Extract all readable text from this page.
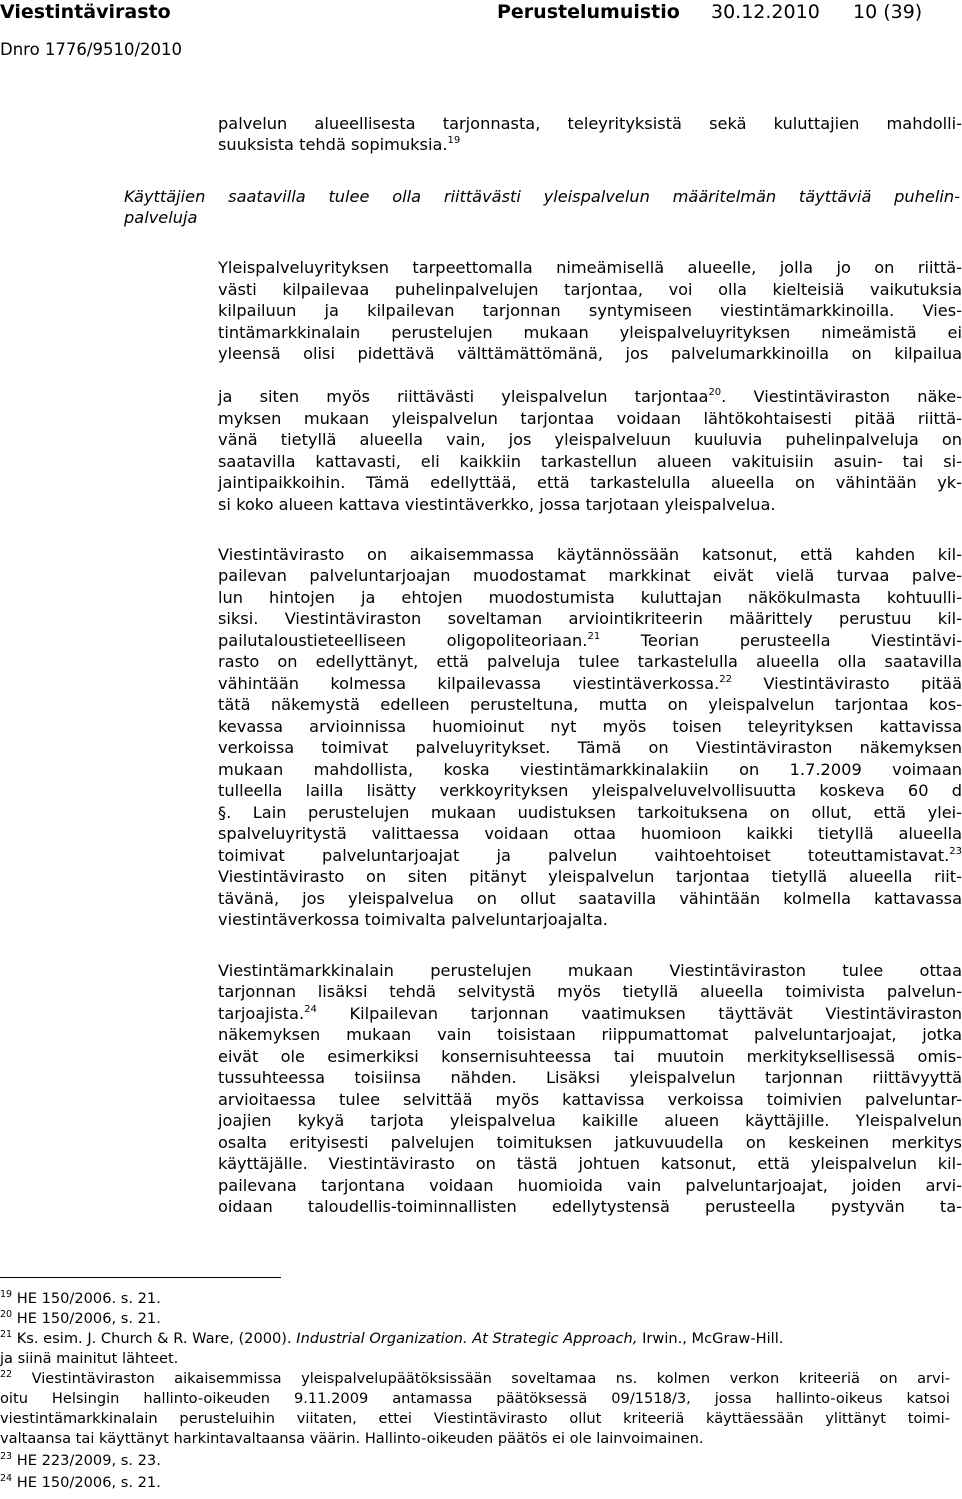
Viestintävirasto	Perustelumuistio 30.12.2010 10 (39)
Dnro 1776/9510/2010
palvelun alueellisesta tarjonnasta, teleyrityksistä sekä kuluttajien mahdolli-
suuksista tehdä sopimuksia.$^{19}$
Käyttäjien saatavilla tulee olla riittävästi yleispalvelun määritelmän täyttäviä puhelin-
palveluja
Yleispalveluyrityksen tarpeettomalla nimeämisellä alueelle, jolla jo on riittä-
västi kilpailevaa puhelinpalvelujen tarjontaa, voi olla kielteisiä vaikutuksia
kilpailuun ja kilpailevan tarjonnan syntymiseen viestintämarkkinoilla. Vies-
tintämarkkinalain perustelujen mukaan yleispalveluyrityksen nimeämistä ei
yleensä olisi pidettävä välttämättömänä, jos palvelumarkkinoilla on kilpailua
ja siten myös riittävästi yleispalvelun tarjontaa$^{20}$. Viestintäviraston näke-
myksen mukaan yleispalvelun tarjontaa voidaan lähtökohtaisesti pitää riittä-
vänä tietyllä alueella vain, jos yleispalveluun kuuluvia puhelinpalveluja on
saatavilla kattavasti, eli kaikkiin tarkastellun alueen vakituisiin asuin- tai si-
jaintipaikkoihin. Tämä edellyttää, että tarkastelulla alueella on vähintään yk-
si koko alueen kattava viestintäverkko, jossa tarjotaan yleispalvelua.
Viestintävirasto on aikaisemmassa käytännössään katsonut, että kahden kil-
pailevan palveluntarjoajan muodostamat markkinat eivät vielä turvaa palve-
lun hintojen ja ehtojen muodostumista kuluttajan näkökulmasta kohtuulli-
siksi. Viestintäviraston soveltaman arviointikriteerin määrittely perustuu kil-
pailutaloustieteelliseen oligopoliteoriaan.$^{21}$ Teorian perusteella Viestintävi-
rasto on edellyttänyt, että palveluja tulee tarkastelulla alueella olla saatavilla
vähintään kolmessa kilpailevassa viestintäverkossa.$^{22}$ Viestintävirasto pitää
tätä näkemystä edelleen perusteltuna, mutta on yleispalvelun tarjontaa kos-
kevassa arvioinnissa huomioinut nyt myös toisen teleyrityksen kattavissa
verkoissa toimivat palveluyritykset. Tämä on Viestintäviraston näkemyksen
mukaan mahdollista, koska viestintämarkkinalakiin on 1.7.2009 voimaan
tulleella lailla lisätty verkkoyrityksen yleispalveluvelvollisuutta koskeva 60 d
§. Lain perustelujen mukaan uudistuksen tarkoituksena on ollut, että ylei-
spalveluyritystä valittaessa voidaan ottaa huomioon kaikki tietyllä alueella
toimivat palveluntarjoajat ja palvelun vaihtoehtoiset toteuttamistavat.$^{23}$
Viestintävirasto on siten pitänyt yleispalvelun tarjontaa tietyllä alueella riit-
tävänä, jos yleispalvelua on ollut saatavilla vähintään kolmella kattavassa
viestintäverkossa toimivalta palveluntarjoajalta.
Viestintämarkkinalain perustelujen mukaan Viestintäviraston tulee ottaa
tarjonnan lisäksi tehdä selvitystä myös tietyllä alueella toimivista palvelun-
tarjoajista.$^{24}$ Kilpailevan tarjonnan vaatimuksen täyttävät Viestintäviraston
näkemyksen mukaan vain toisistaan riippumattomat palveluntarjoajat, jotka
eivät ole esimerkiksi konsernisuhteessa tai muutoin merkityksellisessä omis-
tussuhteessa toisiinsa nähden. Lisäksi yleispalvelun tarjonnan riittävyyttä
arvioitaessa tulee selvittää myös kattavissa verkoissa toimivien palveluntar-
joajien kykyä tarjota yleispalvelua kaikille alueen käyttäjille. Yleispalvelun
osalta erityisesti palvelujen toimituksen jatkuvuudella on keskeinen merkitys
käyttäjälle. Viestintävirasto on tästä johtuen katsonut, että yleispalvelun kil-
pailevana tarjontana voidaan huomioida vain palveluntarjoajat, joiden arvi-
oidaan taloudellis-toiminnallisten edellytystensä perusteella pystyvän ta-
$^{19}$ HE 150/2006. s. 21.
$^{20}$ HE 150/2006, s. 21.
$^{21}$ Ks. esim. J. Church & R. Ware, (2000). Industrial Organization. At Strategic Approach, Irwin., McGraw-Hill.
ja siinä mainitut lähteet.
$^{22}$ Viestintäviraston aikaisemmissa yleispalvelupäätöksissään soveltamaa ns. kolmen verkon kriteeriä on arvi-
oitu Helsingin hallinto-oikeuden 9.11.2009 antamassa päätöksessä 09/1518/3, jossa hallinto-oikeus katsoi
viestintämarkkinalain perusteluihin viitaten, ettei Viestintävirasto ollut kriteeriä käyttäessään ylittänyt toimi-
valtaansa tai käyttänyt harkintavaltaansa väärin. Hallinto-oikeuden päätös ei ole lainvoimainen.
$^{23}$ HE 223/2009, s. 23.
$^{24}$ HE 150/2006, s. 21.
